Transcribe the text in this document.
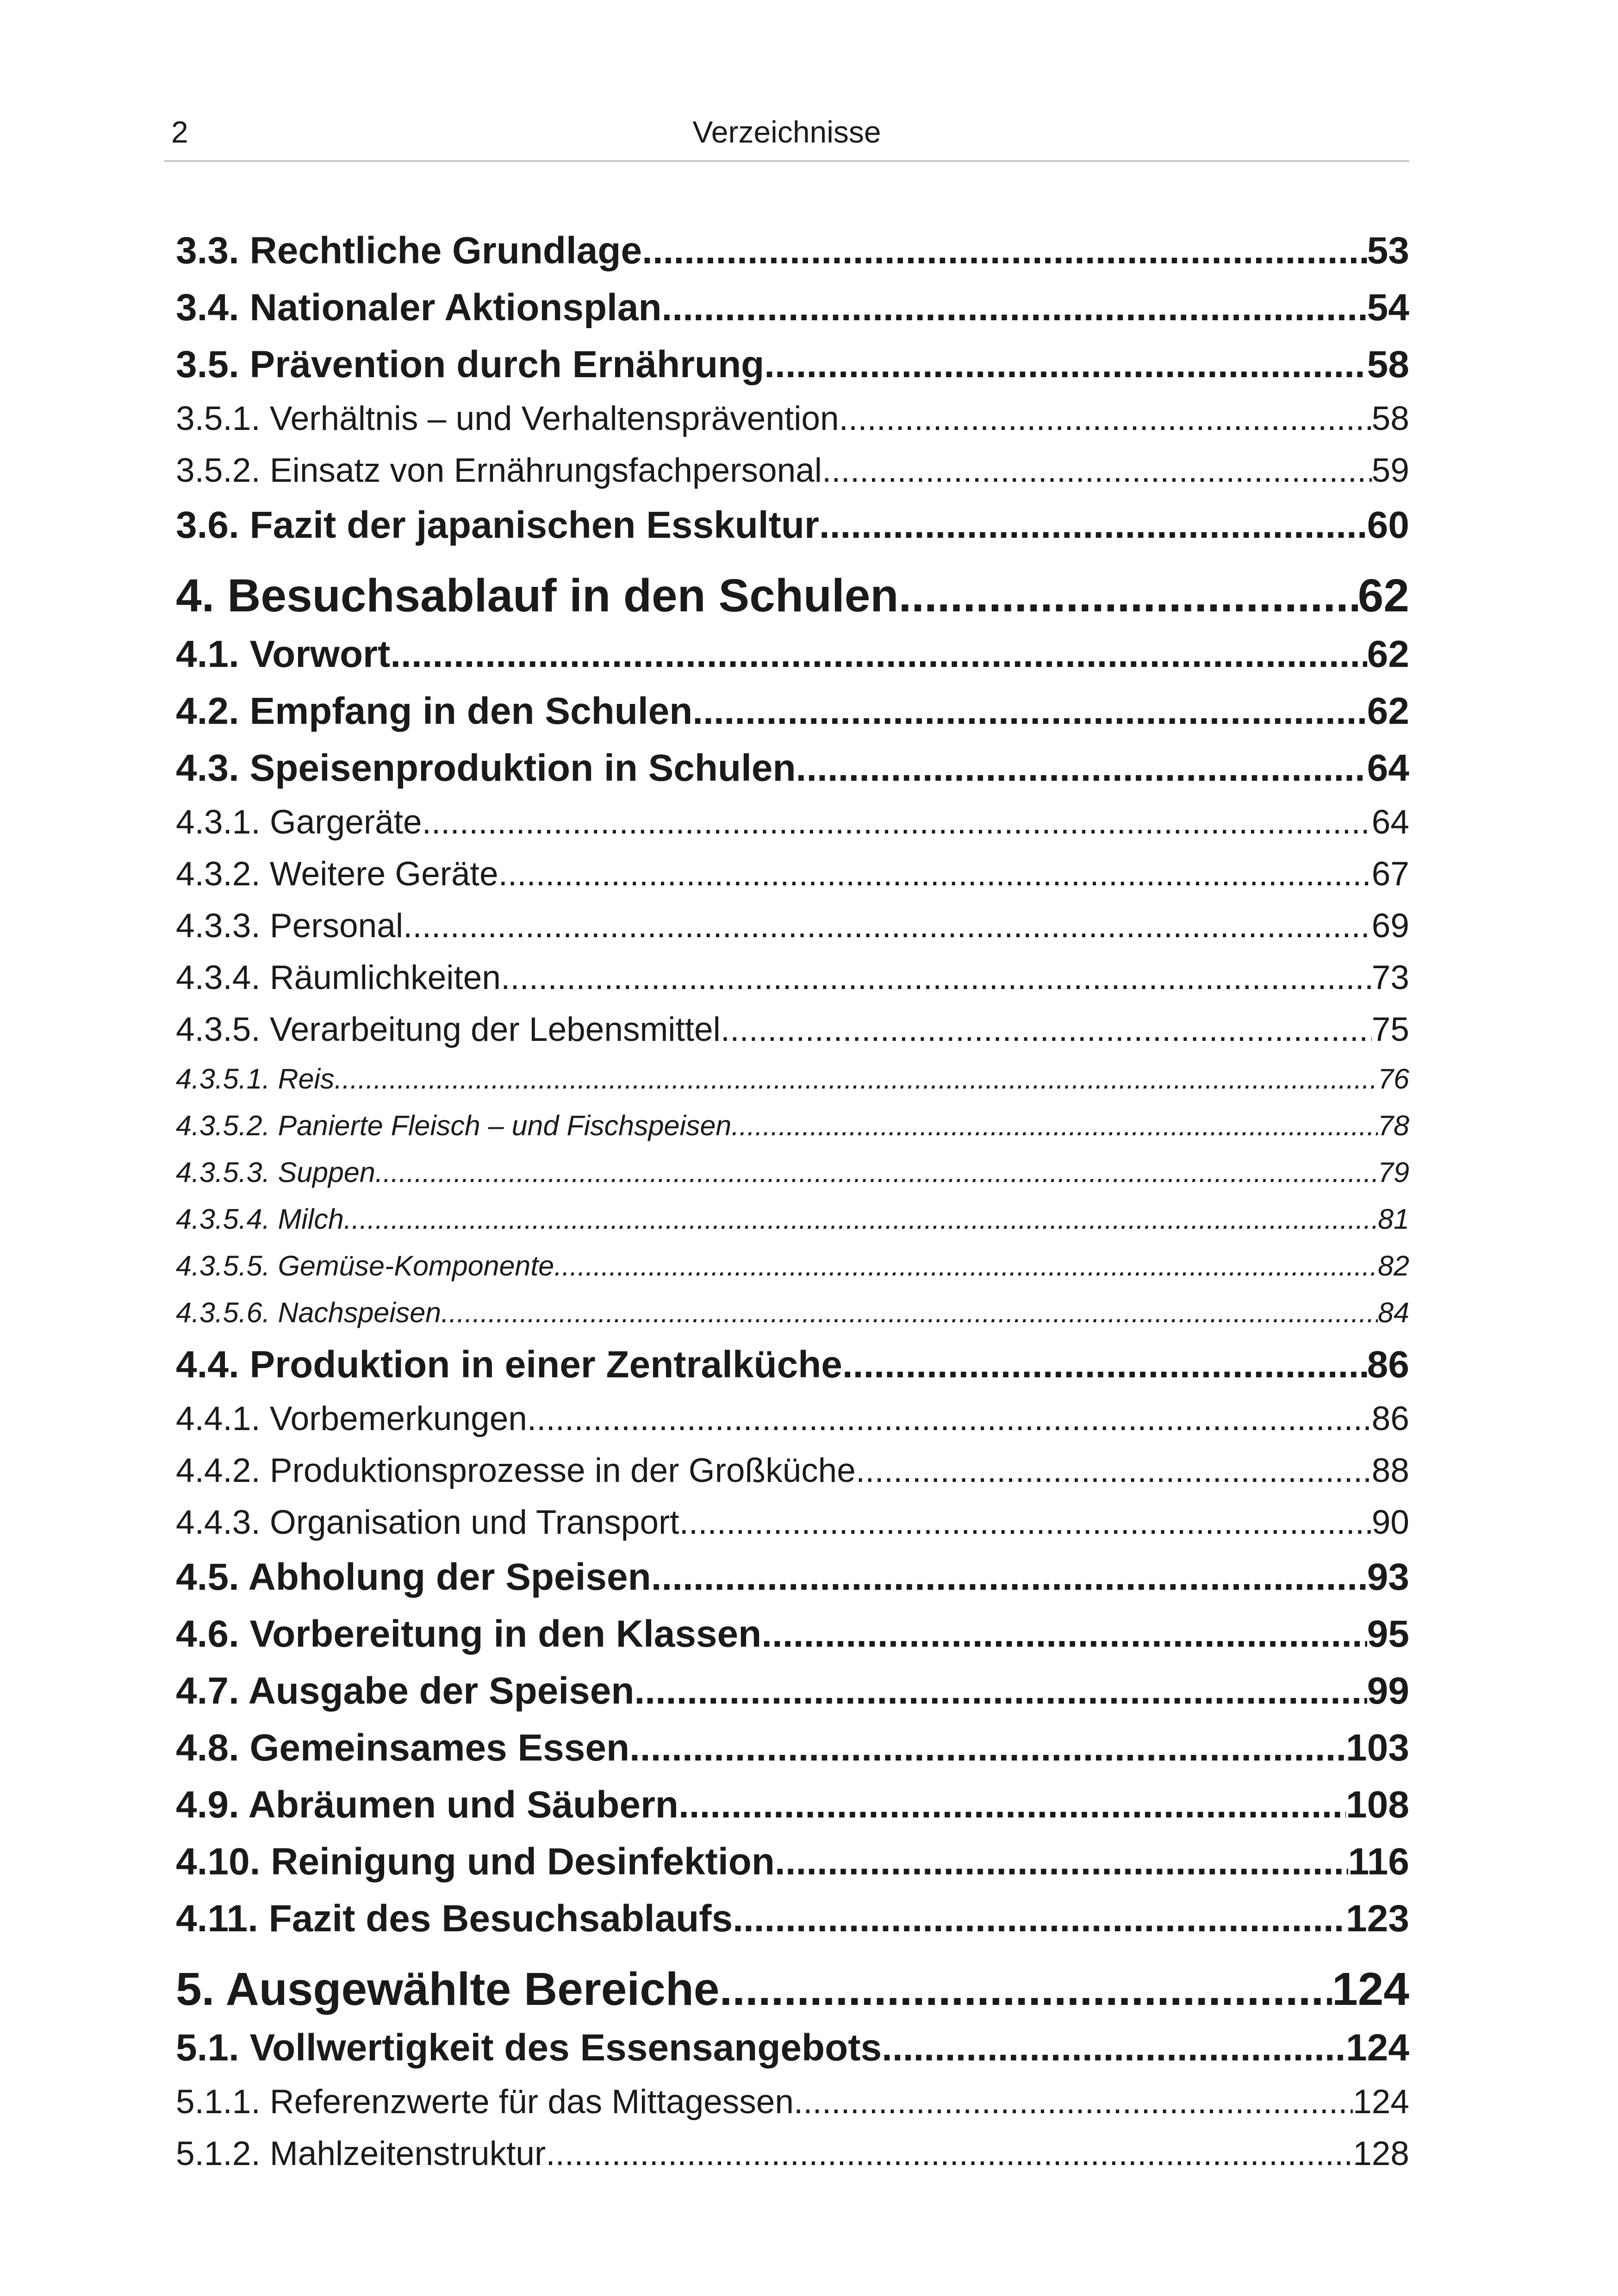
2	Verzeichnisse
3.3. Rechtliche Grundlage .....	53
3.4. Nationaler Aktionsplan .....	54
3.5. Prävention durch Ernährung .....	58
3.5.1. Verhältnis – und Verhaltensprävention .....	58
3.5.2. Einsatz von Ernährungsfachpersonal .....	59
3.6. Fazit der japanischen Esskultur .....	60
4. Besuchsablauf in den Schulen .....	62
4.1. Vorwort .....	62
4.2. Empfang in den Schulen .....	62
4.3. Speisenproduktion in Schulen .....	64
4.3.1. Gargeräte .....	64
4.3.2. Weitere Geräte .....	67
4.3.3. Personal .....	69
4.3.4. Räumlichkeiten .....	73
4.3.5. Verarbeitung der Lebensmittel .....	75
4.3.5.1. Reis .....	76
4.3.5.2. Panierte Fleisch – und Fischspeisen .....	78
4.3.5.3. Suppen .....	79
4.3.5.4. Milch .....	81
4.3.5.5. Gemüse-Komponente .....	82
4.3.5.6. Nachspeisen .....	84
4.4. Produktion in einer Zentralküche .....	86
4.4.1. Vorbemerkungen .....	86
4.4.2. Produktionsprozesse in der Großküche .....	88
4.4.3. Organisation und Transport .....	90
4.5. Abholung der Speisen .....	93
4.6. Vorbereitung in den Klassen .....	95
4.7. Ausgabe der Speisen .....	99
4.8. Gemeinsames Essen .....	103
4.9. Abräumen und Säubern .....	108
4.10. Reinigung und Desinfektion .....	116
4.11. Fazit des Besuchsablaufs .....	123
5. Ausgewählte Bereiche .....	124
5.1. Vollwertigkeit des Essensangebots .....	124
5.1.1. Referenzwerte für das Mittagessen .....	124
5.1.2. Mahlzeitenstruktur .....	128
